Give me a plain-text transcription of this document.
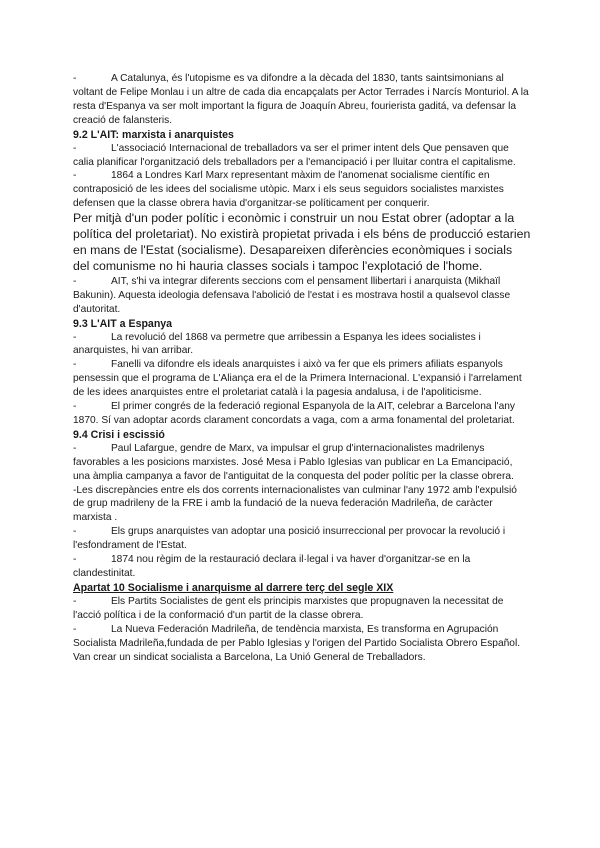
-	A Catalunya, és l'utopisme es va difondre a la dècada del 1830, tants saintsimonians al voltant de Felipe Monlau i un altre de cada dia encapçalats per Actor Terrades i Narcís Monturiol. A la resta d'Espanya va ser molt important la figura de Joaquín Abreu, fourierista gaditá, va defensar la creació de falansteris.

9.2 L'AIT: marxista i anarquistes

-	L'associació Internacional de treballadors va ser el primer intent dels Que pensaven que calia planificar l'organització dels treballadors per a l'emancipació i per lluitar contra el capitalisme.

-	1864 a Londres Karl Marx representant màxim de l'anomenat socialisme científic en contraposició de les idees del socialisme utòpic. Marx i els seus seguidors socialistes marxistes defensen que la classe obrera havia d'organitzar-se políticament per conquerir.

Per mitjà d'un poder polític i econòmic i construir un nou Estat obrer (adoptar a la política del proletariat). No existirà propietat privada i els béns de producció estarien en mans de l'Estat (socialisme). Desapareixen diferències econòmiques i socials del comunisme no hi hauria classes socials i tampoc l'explotació de l'home.

-	AIT, s'hi va integrar diferents seccions com el pensament llibertari i anarquista (Mikhaïl Bakunin). Aquesta ideologia defensava l'abolició de l'estat i es mostrava hostil a qualsevol classe d'autoritat.

9.3 L'AIT a Espanya

-	La revolució del 1868 va permetre que arribessin a Espanya les idees socialistes i anarquistes, hi van arribar.

-	Fanelli va difondre els ideals anarquistes i això va fer que els primers afiliats espanyols pensessin que el programa de L'Aliança era el de la Primera Internacional. L'expansió i l'arrelament de les idees anarquistes entre el proletariat català i la pagesia andalusa, i de l'apoliticisme.

-	El primer congrés de la federació regional Espanyola de la AIT, celebrar a Barcelona l'any 1870. Sí van adoptar acords clarament concordats a vaga, com a arma fonamental del proletariat.

9.4 Crisi i escissió

-	Paul Lafargue, gendre de Marx, va impulsar el grup d'internacionalistes madrilenys favorables a les posicions marxistes. José Mesa i Pablo Iglesias van publicar en La Emancipació, una àmplia campanya a favor de l'antiguitat de la conquesta del poder polític per la classe obrera.

-Les discrepàncies entre els dos corrents internacionalistes van culminar l'any 1972 amb l'expulsió de grup madrileny de la FRE i amb la fundació de la nueva federación Madrileña, de caràcter marxista .

-	Els grups anarquistes van adoptar una posició insurreccional per provocar la revolució i l'esfondrament de l'Estat.

-	1874 nou règim de la restauració declara il·legal i va haver d'organitzar-se en la clandestinitat.

Apartat 10 Socialisme i anarquisme al darrere terç del segle XIX

-	Els Partits Socialistes de gent els principis marxistes que propugnaven la necessitat de l'acció política i de la conformació d'un partit de la classe obrera.

-	La Nueva Federación Madrileña, de tendència marxista, Es transforma en Agrupación Socialista Madrileña,fundada de per Pablo Iglesias y l'origen del Partido Socialista Obrero Español. Van crear un sindicat socialista a Barcelona, La Unió General de Treballadors.
